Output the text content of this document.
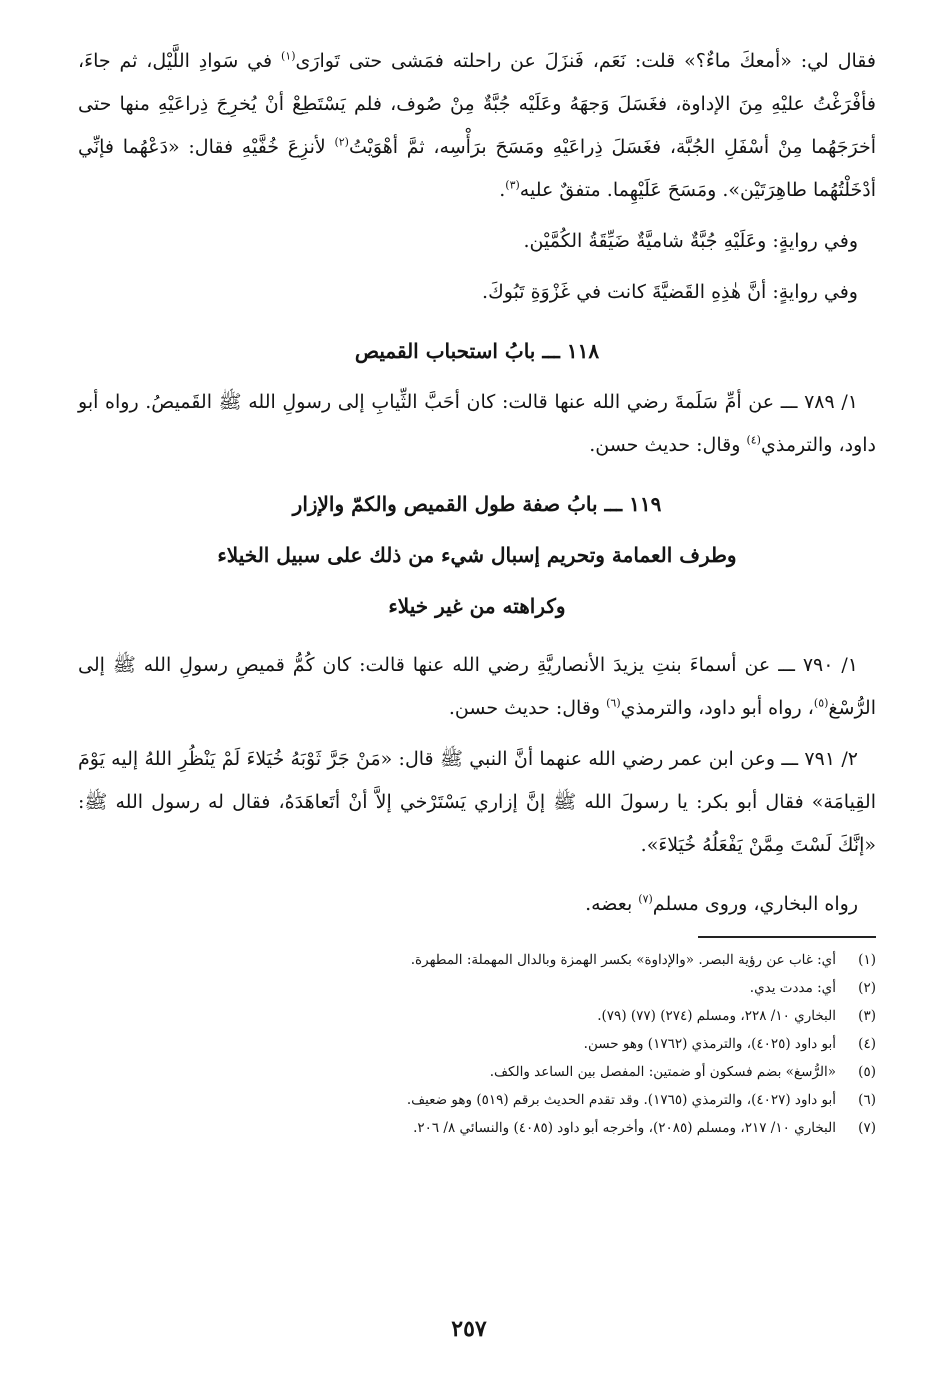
فقال لي: «أمعكَ ماءٌ؟» قلت: نَعَم، فَنزَلَ عن راحلته فمَشى حتى تَوارَى$^{(١)}$ في سَوادِ اللَّيْل، ثم جاءَ، فأفْرَغْتُ عليْهِ مِنَ الإداوة، فغَسَلَ وَجهَهُ وعَلَيْه جُبَّةٌ مِنْ صُوف، فلم يَسْتَطِعْ أنْ يُخرِجَ ذِراعَيْهِ منها حتى أخرَجَهُما مِنْ أسْفَلِ الجُبَّة، فغَسَلَ ذِراعَيْهِ ومَسَحَ برَأْسِه، ثمَّ أهْوَيْتُ$^{(٢)}$ لأنزِعَ خُفَّيْهِ فقال: «دَعْهُما فإنِّي أدْخَلْتُهُما طاهِرَتَيْن». ومَسَحَ عَلَيْهِما. متفقٌ عليه$^{(٣)}$.

وفي روايةٍ: وعَلَيْهِ جُبَّةٌ شاميَّةٌ ضَيِّقَةُ الكُمَّيْن.

وفي روايةٍ: أنَّ هٰذِهِ القَضيَّةَ كانت في غَزْوَةِ تَبُوكَ.

١١٨ ـــ بابُ استحباب القميص

١/ ٧٨٩ ـــ عن أمِّ سَلَمةَ رضي الله عنها قالت: كان أحَبَّ الثِّيابِ إلى رسولِ الله ﷺ القَميصُ. رواه أبو داود، والترمذي$^{(٤)}$ وقال: حديث حسن.

١١٩ ـــ بابُ صفة طول القميص والكمّ والإزار

وطرف العمامة وتحريم إسبال شيء من ذلك على سبيل الخيلاء

وكراهته من غير خيلاء

١/ ٧٩٠ ـــ عن أسماءَ بنتِ يزيدَ الأنصاريَّةِ رضي الله عنها قالت: كان كُمُّ قميصِ رسولِ الله ﷺ إلى الرُّسْغ$^{(٥)}$، رواه أبو داود، والترمذي$^{(٦)}$ وقال: حديث حسن.

٢/ ٧٩١ ـــ وعن ابن عمر رضي الله عنهما أنَّ النبي ﷺ قال: «مَنْ جَرَّ ثَوْبَهُ خُيَلاءَ لَمْ يَنْظُرِ اللهُ إليه يَوْمَ القِيامَة» فقال أبو بكر: يا رسولَ الله ﷺ إنَّ إزاري يَسْتَرْخي إلاَّ أنْ أتَعاهَدَهُ، فقال له رسول الله ﷺ: «إنَّكَ لَسْتَ مِمَّنْ يَفْعَلُهُ خُيَلاءَ».

رواه البخاري، وروى مسلم$^{(٧)}$ بعضه.

(١)
أي: غاب عن رؤية البصر. «والإداوة» بكسر الهمزة وبالدال المهملة: المطهرة.
(٢)
أي: مددت يدي.
(٣)
البخاري ١٠/ ٢٢٨، ومسلم (٢٧٤) (٧٧) (٧٩).
(٤)
أبو داود (٤٠٢٥)، والترمذي (١٧٦٢) وهو حسن.
(٥)
«الرُّسغ» بضم فسكون أو ضمتين: المفصل بين الساعد والكف.
(٦)
أبو داود (٤٠٢٧)، والترمذي (١٧٦٥). وقد تقدم الحديث برقم (٥١٩) وهو ضعيف.
(٧)
البخاري ١٠/ ٢١٧، ومسلم (٢٠٨٥)، وأخرجه أبو داود (٤٠٨٥) والنسائي ٨/ ٢٠٦.
٢٥٧
